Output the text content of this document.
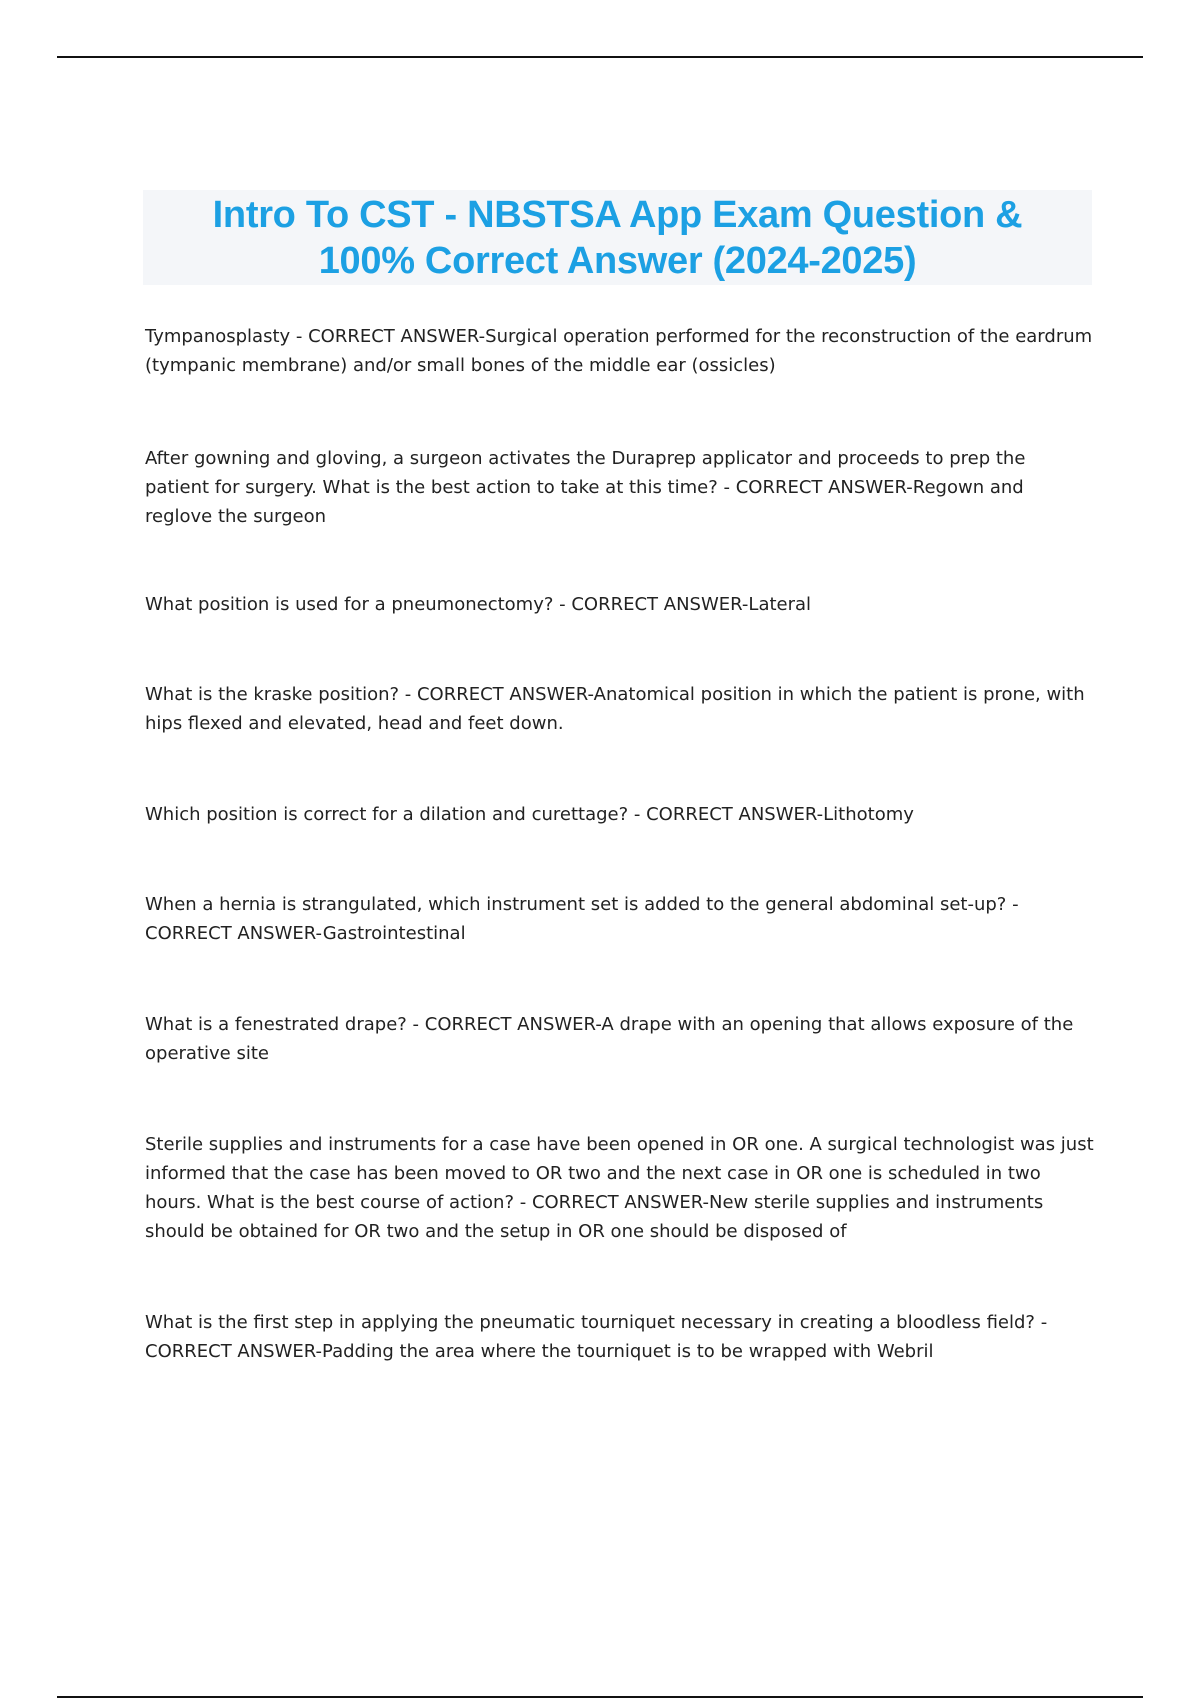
Intro To CST - NBSTSA App Exam Question &
100% Correct Answer (2024-2025)
Tympanosplasty - CORRECT ANSWER-Surgical operation performed for the reconstruction of the eardrum (tympanic membrane) and/or small bones of the middle ear (ossicles)
After gowning and gloving, a surgeon activates the Duraprep applicator and proceeds to prep the patient for surgery. What is the best action to take at this time? - CORRECT ANSWER-Regown and reglove the surgeon
What position is used for a pneumonectomy? - CORRECT ANSWER-Lateral
What is the kraske position? - CORRECT ANSWER-Anatomical position in which the patient is prone, with hips flexed and elevated, head and feet down.
Which position is correct for a dilation and curettage? - CORRECT ANSWER-Lithotomy
When a hernia is strangulated, which instrument set is added to the general abdominal set-up? - CORRECT ANSWER-Gastrointestinal
What is a fenestrated drape? - CORRECT ANSWER-A drape with an opening that allows exposure of the operative site
Sterile supplies and instruments for a case have been opened in OR one. A surgical technologist was just informed that the case has been moved to OR two and the next case in OR one is scheduled in two hours. What is the best course of action? - CORRECT ANSWER-New sterile supplies and instruments should be obtained for OR two and the setup in OR one should be disposed of
What is the first step in applying the pneumatic tourniquet necessary in creating a bloodless field? - CORRECT ANSWER-Padding the area where the tourniquet is to be wrapped with Webril
